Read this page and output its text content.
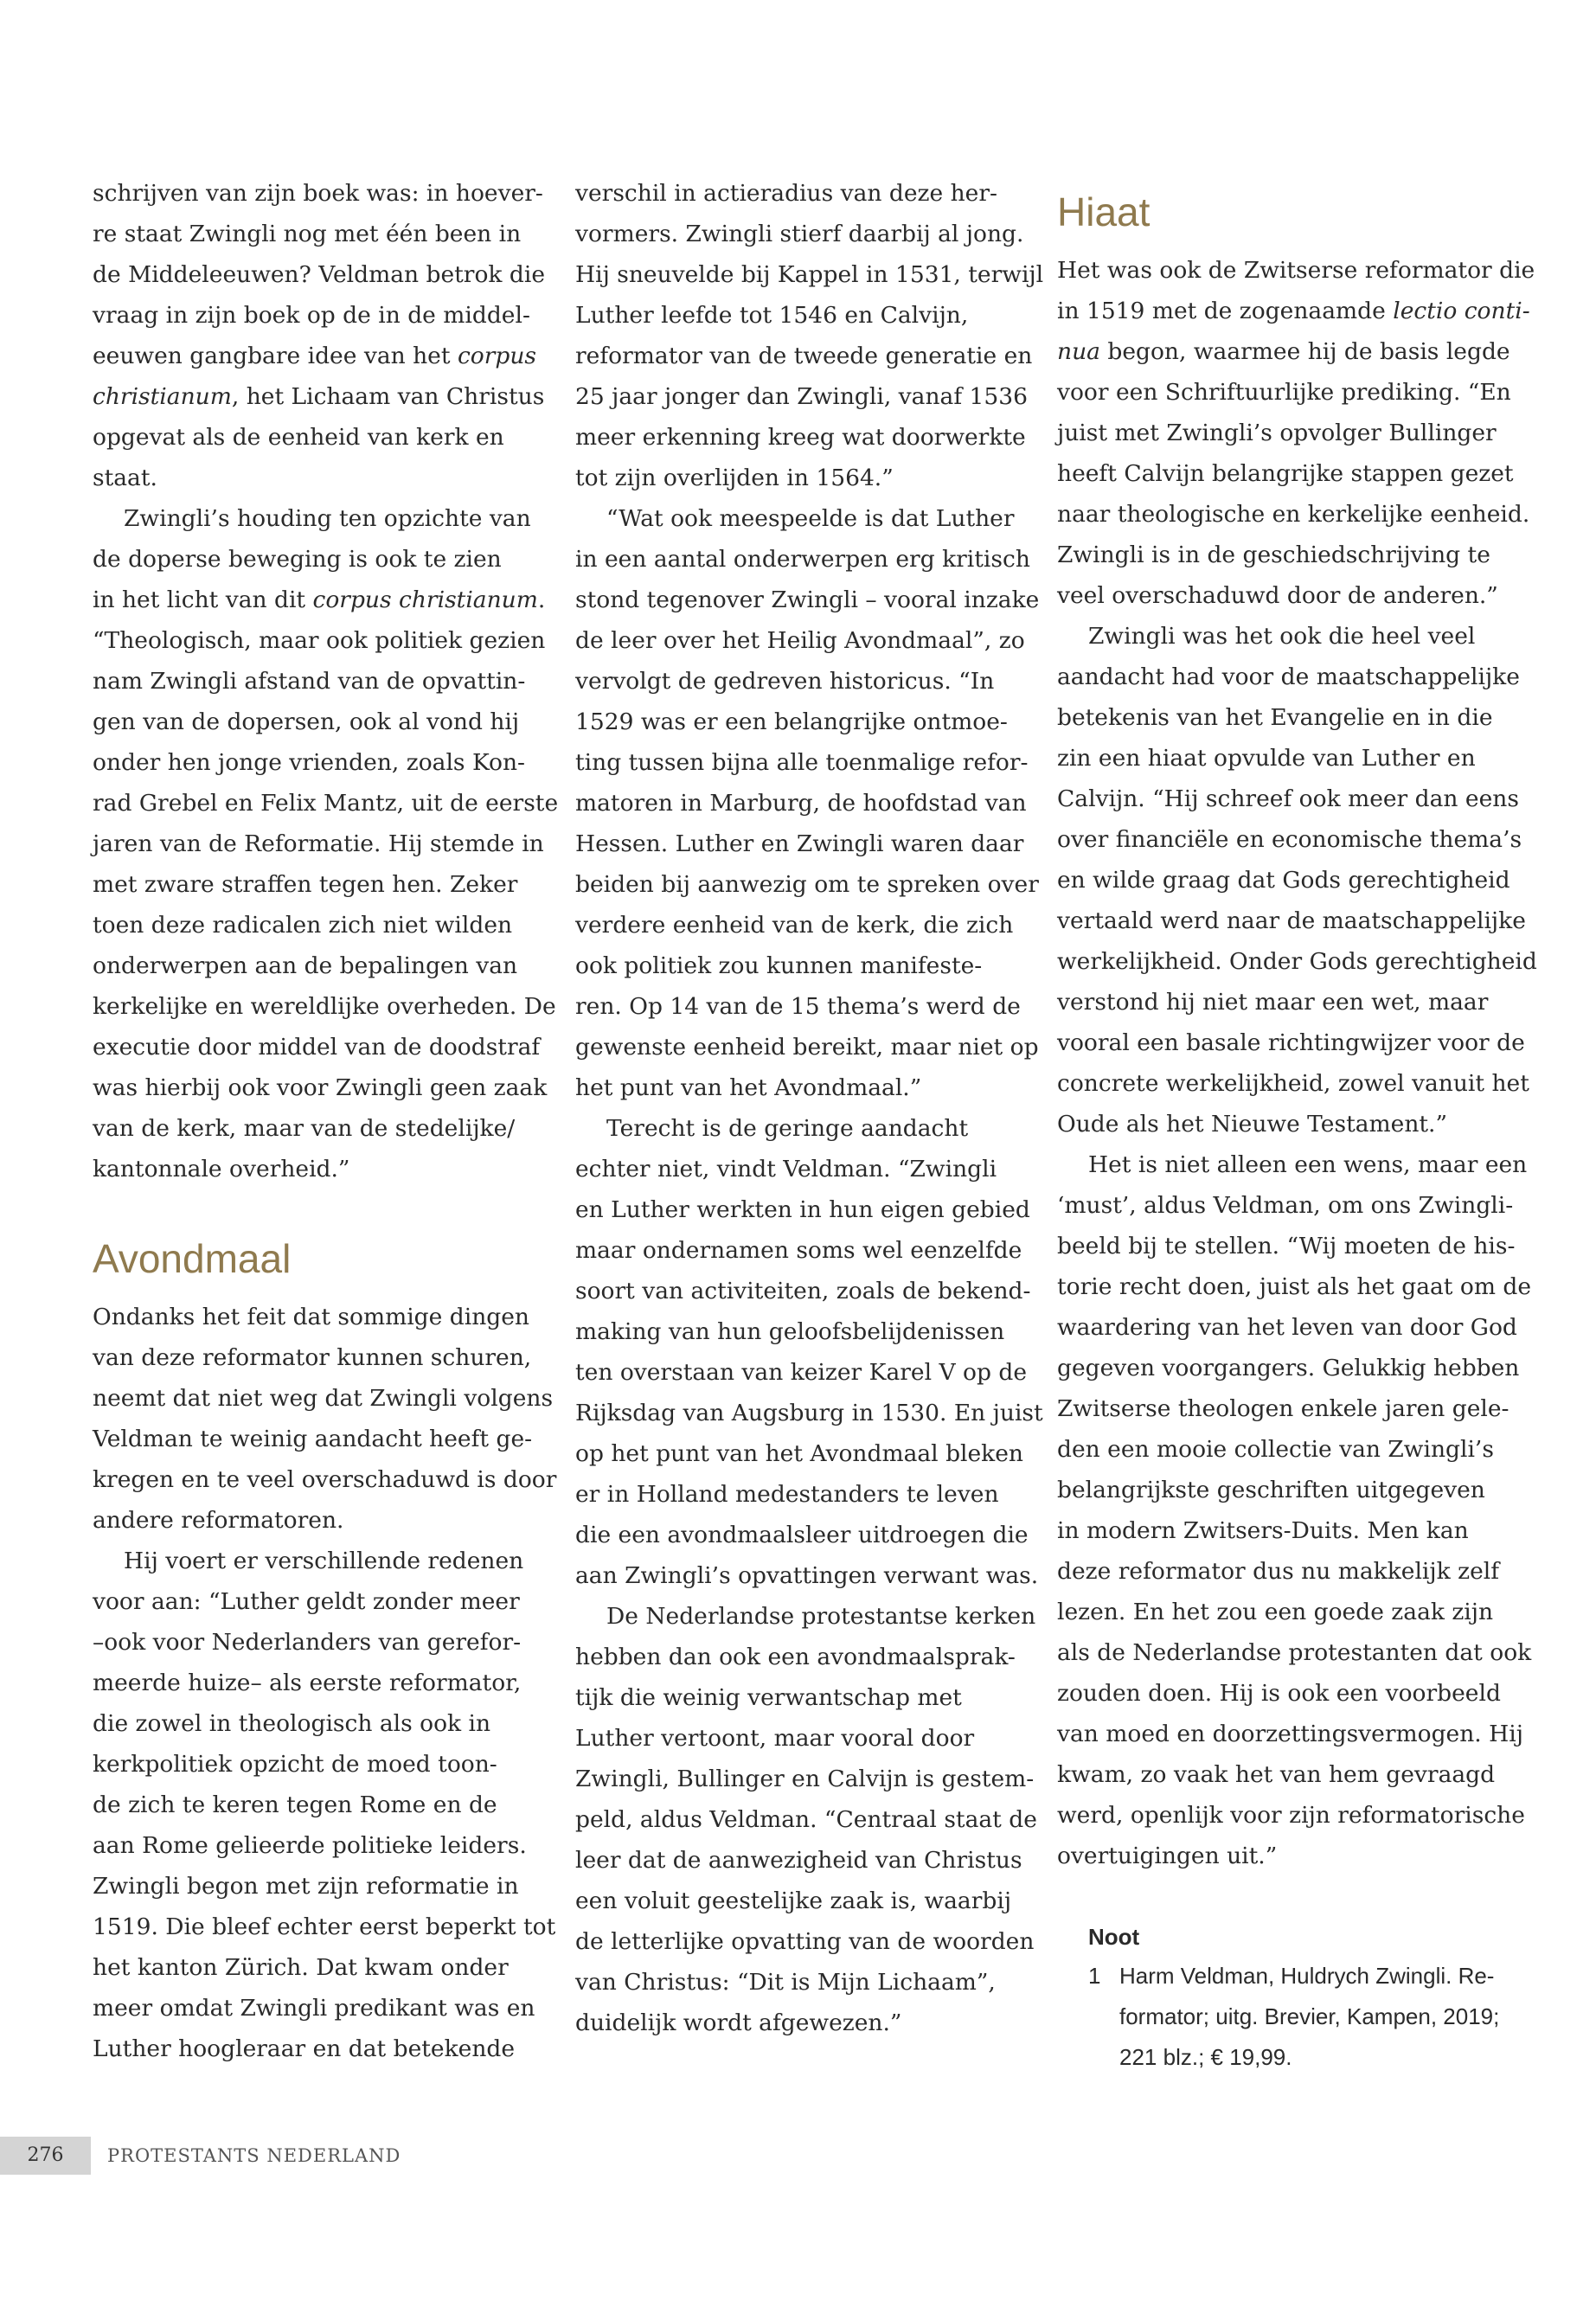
schrijven van zijn boek was: in hoever-
re staat Zwingli nog met één been in
de Middeleeuwen? Veldman betrok die
vraag in zijn boek op de in de middel-
eeuwen gangbare idee van het corpus
christianum, het Lichaam van Christus
opgevat als de eenheid van kerk en
staat.

Zwingli’s houding ten opzichte van
de doperse beweging is ook te zien
in het licht van dit corpus christianum.
“Theologisch, maar ook politiek gezien
nam Zwingli afstand van de opvattin-
gen van de dopersen, ook al vond hij
onder hen jonge vrienden, zoals Kon-
rad Grebel en Felix Mantz, uit de eerste
jaren van de Reformatie. Hij stemde in
met zware straffen tegen hen. Zeker
toen deze radicalen zich niet wilden
onderwerpen aan de bepalingen van
kerkelijke en wereldlijke overheden. De
executie door middel van de doodstraf
was hierbij ook voor Zwingli geen zaak
van de kerk, maar van de stedelijke/
kantonnale overheid.”

Avondmaal

Ondanks het feit dat sommige dingen
van deze reformator kunnen schuren,
neemt dat niet weg dat Zwingli volgens
Veldman te weinig aandacht heeft ge-
kregen en te veel overschaduwd is door
andere reformatoren.

Hij voert er verschillende redenen
voor aan: “Luther geldt zonder meer
–ook voor Nederlanders van gerefor-
meerde huize– als eerste reformator,
die zowel in theologisch als ook in
kerkpolitiek opzicht de moed toon-
de zich te keren tegen Rome en de
aan Rome gelieerde politieke leiders.
Zwingli begon met zijn reformatie in
1519. Die bleef echter eerst beperkt tot
het kanton Zürich. Dat kwam onder
meer omdat Zwingli predikant was en
Luther hoogleraar en dat betekende

verschil in actieradius van deze her-
vormers. Zwingli stierf daarbij al jong.
Hij sneuvelde bij Kappel in 1531, terwijl
Luther leefde tot 1546 en Calvijn,
reformator van de tweede generatie en
25 jaar jonger dan Zwingli, vanaf 1536
meer erkenning kreeg wat doorwerkte
tot zijn overlijden in 1564.”

“Wat ook meespeelde is dat Luther
in een aantal onderwerpen erg kritisch
stond tegenover Zwingli – vooral inzake
de leer over het Heilig Avondmaal”, zo
vervolgt de gedreven historicus. “In
1529 was er een belangrijke ontmoe-
ting tussen bijna alle toenmalige refor-
matoren in Marburg, de hoofdstad van
Hessen. Luther en Zwingli waren daar
beiden bij aanwezig om te spreken over
verdere eenheid van de kerk, die zich
ook politiek zou kunnen manifeste-
ren. Op 14 van de 15 thema’s werd de
gewenste eenheid bereikt, maar niet op
het punt van het Avondmaal.”

Terecht is de geringe aandacht
echter niet, vindt Veldman. “Zwingli
en Luther werkten in hun eigen gebied
maar ondernamen soms wel eenzelfde
soort van activiteiten, zoals de bekend-
making van hun geloofsbelijdenissen
ten overstaan van keizer Karel V op de
Rijksdag van Augsburg in 1530. En juist
op het punt van het Avondmaal bleken
er in Holland medestanders te leven
die een avondmaalsleer uitdroegen die
aan Zwingli’s opvattingen verwant was.

De Nederlandse protestantse kerken
hebben dan ook een avondmaalsprak-
tijk die weinig verwantschap met
Luther vertoont, maar vooral door
Zwingli, Bullinger en Calvijn is gestem-
peld, aldus Veldman. “Centraal staat de
leer dat de aanwezigheid van Christus
een voluit geestelijke zaak is, waarbij
de letterlijke opvatting van de woorden
van Christus: “Dit is Mijn Lichaam”,
duidelijk wordt afgewezen.”

Hiaat

Het was ook de Zwitserse reformator die
in 1519 met de zogenaamde lectio conti-
nua begon, waarmee hij de basis legde
voor een Schriftuurlijke prediking. “En
juist met Zwingli’s opvolger Bullinger
heeft Calvijn belangrijke stappen gezet
naar theologische en kerkelijke eenheid.
Zwingli is in de geschiedschrijving te
veel overschaduwd door de anderen.”

Zwingli was het ook die heel veel
aandacht had voor de maatschappelijke
betekenis van het Evangelie en in die
zin een hiaat opvulde van Luther en
Calvijn. “Hij schreef ook meer dan eens
over financiële en economische thema’s
en wilde graag dat Gods gerechtigheid
vertaald werd naar de maatschappelijke
werkelijkheid. Onder Gods gerechtigheid
verstond hij niet maar een wet, maar
vooral een basale richtingwijzer voor de
concrete werkelijkheid, zowel vanuit het
Oude als het Nieuwe Testament.”

Het is niet alleen een wens, maar een
‘must’, aldus Veldman, om ons Zwingli-
beeld bij te stellen. “Wij moeten de his-
torie recht doen, juist als het gaat om de
waardering van het leven van door God
gegeven voorgangers. Gelukkig hebben
Zwitserse theologen enkele jaren gele-
den een mooie collectie van Zwingli’s
belangrijkste geschriften uitgegeven
in modern Zwitsers-Duits. Men kan
deze reformator dus nu makkelijk zelf
lezen. En het zou een goede zaak zijn
als de Nederlandse protestanten dat ook
zouden doen. Hij is ook een voorbeeld
van moed en doorzettingsvermogen. Hij
kwam, zo vaak het van hem gevraagd
werd, openlijk voor zijn reformatorische
overtuigingen uit.”

Noot
1 Harm Veldman, Huldrych Zwingli. Re-
formator; uitg. Brevier, Kampen, 2019;
221 blz.; € 19,99.
276	PROTESTANTS NEDERLAND
